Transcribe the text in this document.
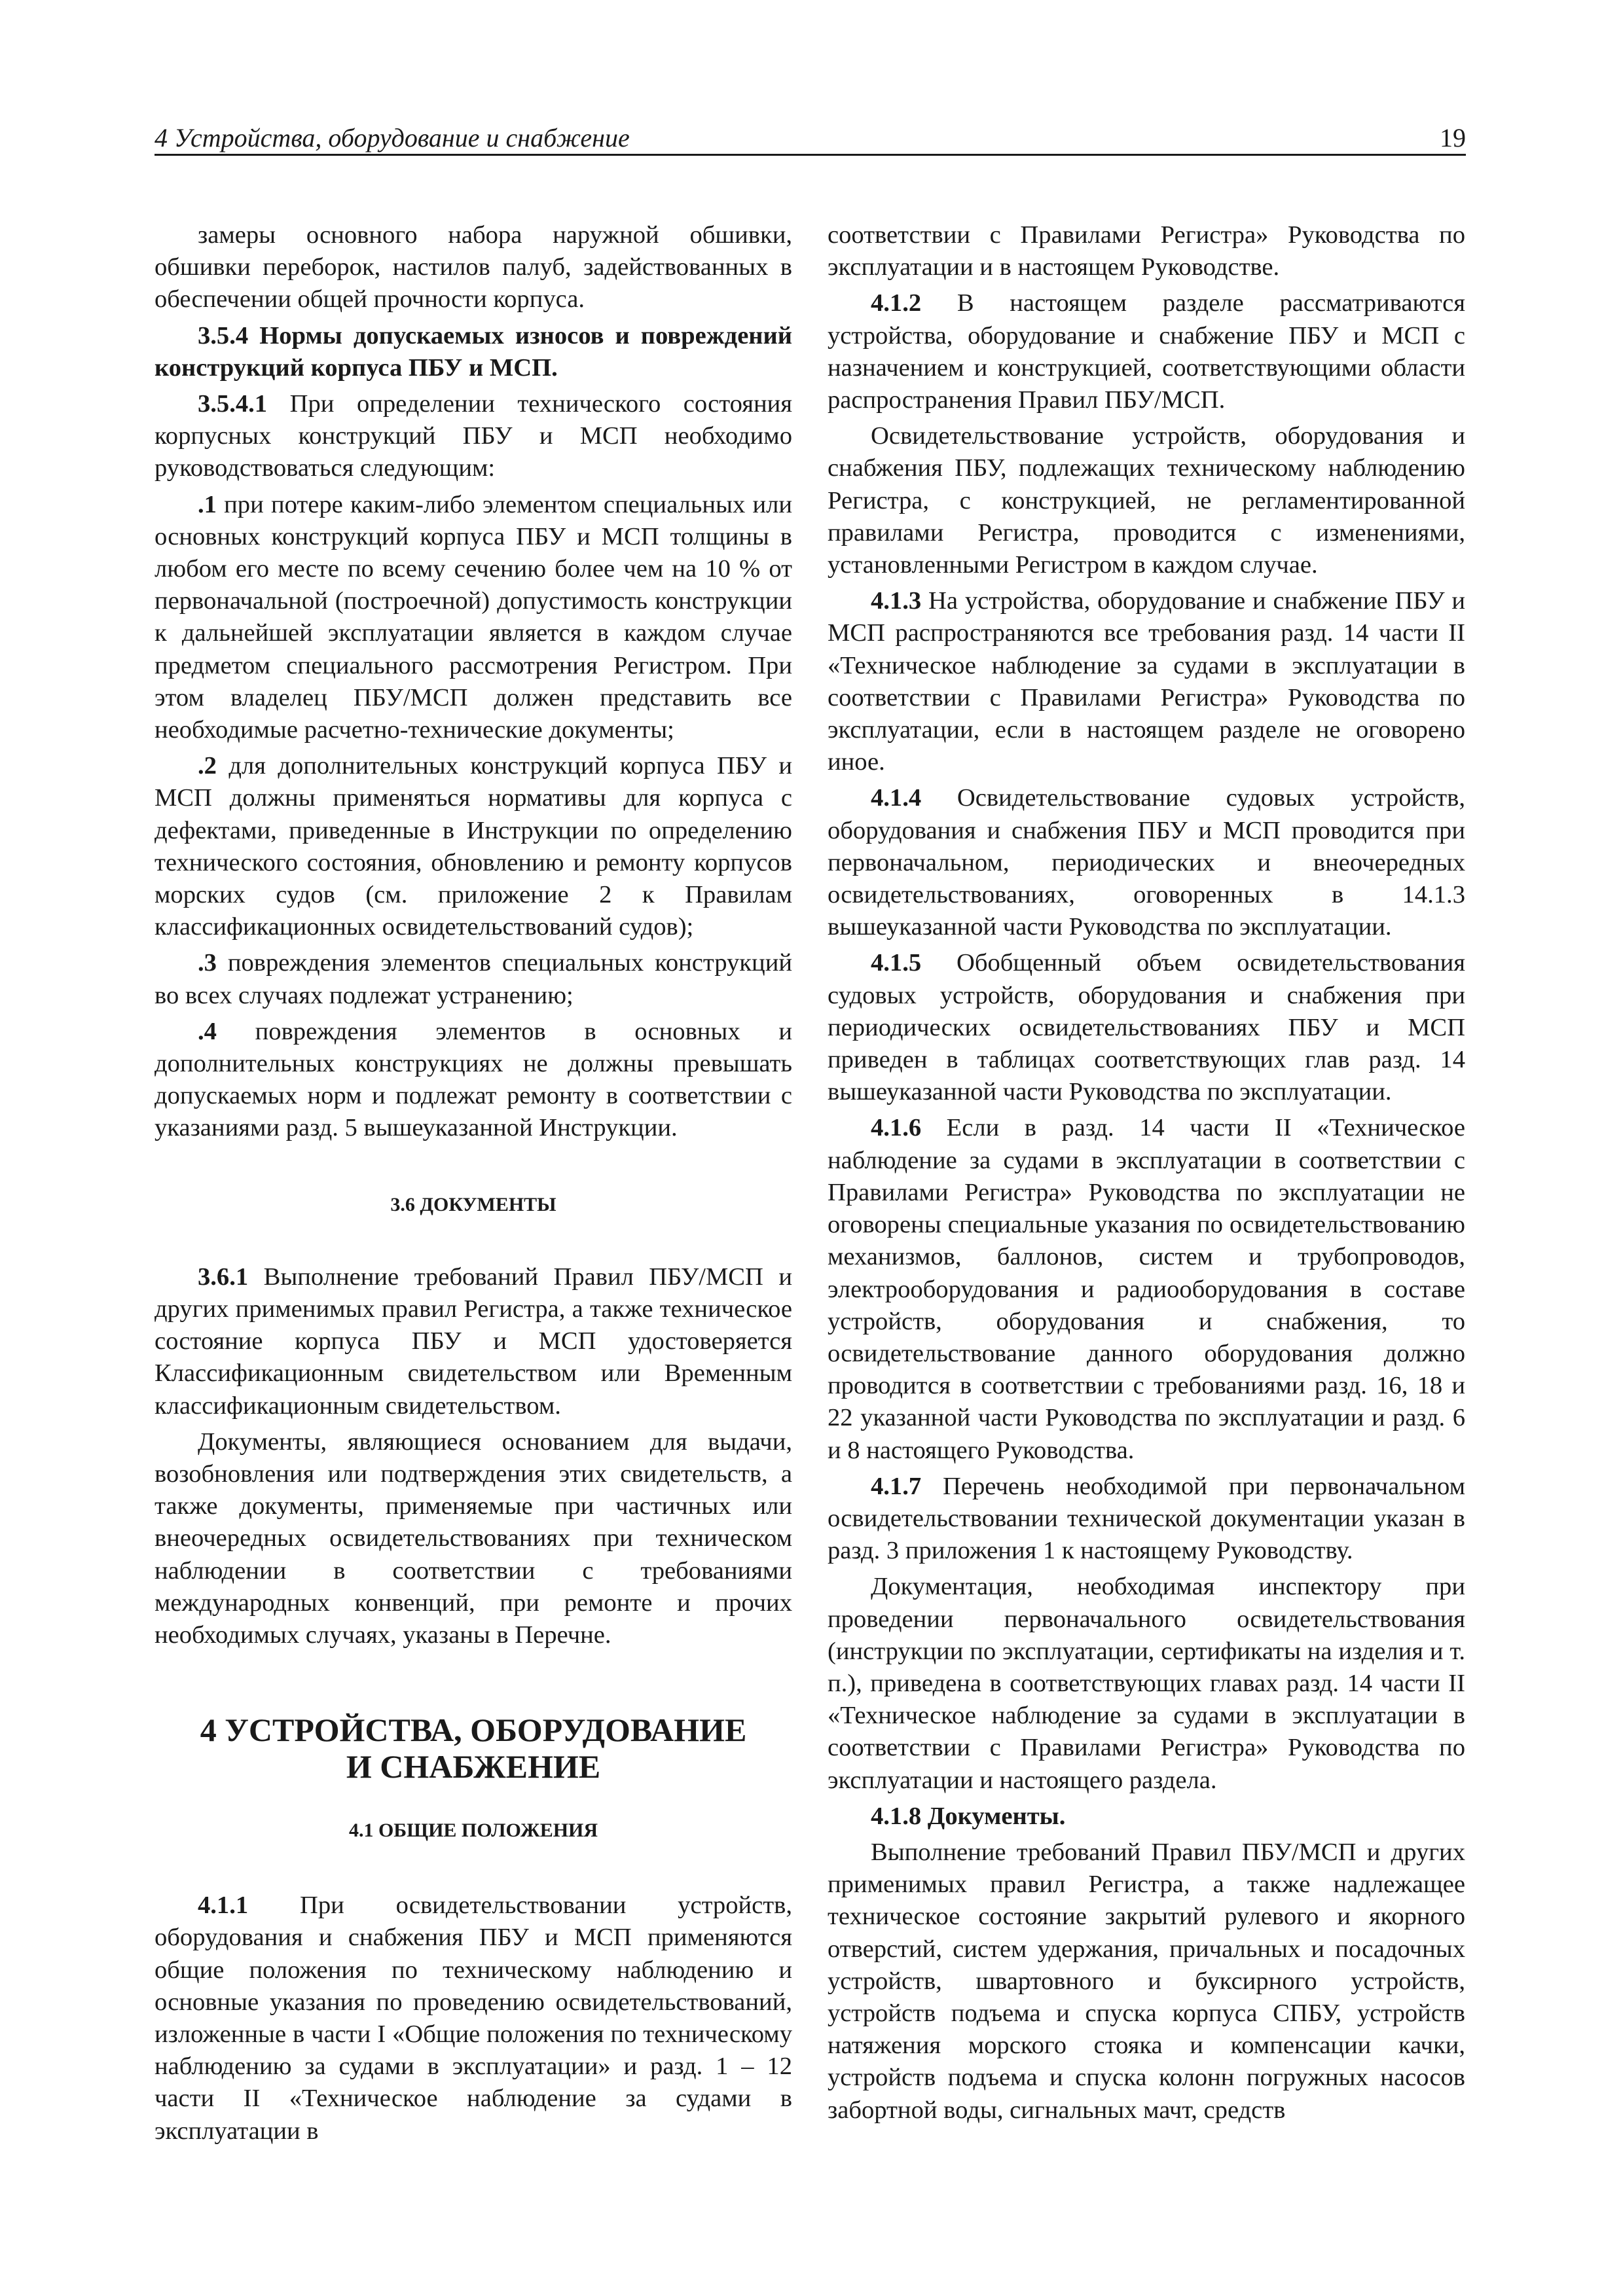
4 Устройства, оборудование и снабжение	19

замеры основного набора наружной обшивки, обшивки переборок, настилов палуб, задействованных в обеспечении общей прочности корпуса.

3.5.4 Нормы допускаемых износов и повреждений конструкций корпуса ПБУ и МСП.

3.5.4.1 При определении технического состояния корпусных конструкций ПБУ и МСП необходимо руководствоваться следующим:

.1 при потере каким-либо элементом специальных или основных конструкций корпуса ПБУ и МСП толщины в любом его месте по всему сечению более чем на 10 % от первоначальной (построечной) допустимость конструкции к дальнейшей эксплуатации является в каждом случае предметом специального рассмотрения Регистром. При этом владелец ПБУ/МСП должен представить все необходимые расчетно-технические документы;

.2 для дополнительных конструкций корпуса ПБУ и МСП должны применяться нормативы для корпуса с дефектами, приведенные в Инструкции по определению технического состояния, обновлению и ремонту корпусов морских судов (см. приложение 2 к Правилам классификационных освидетельствований судов);

.3 повреждения элементов специальных конструкций во всех случаях подлежат устранению;

.4 повреждения элементов в основных и дополнительных конструкциях не должны превышать допускаемых норм и подлежат ремонту в соответствии с указаниями разд. 5 вышеуказанной Инструкции.

3.6 ДОКУМЕНТЫ

3.6.1 Выполнение требований Правил ПБУ/МСП и других применимых правил Регистра, а также техническое состояние корпуса ПБУ и МСП удостоверяется Классификационным свидетельством или Временным классификационным свидетельством.

Документы, являющиеся основанием для выдачи, возобновления или подтверждения этих свидетельств, а также документы, применяемые при частичных или внеочередных освидетельствованиях при техническом наблюдении в соответствии с требованиями международных конвенций, при ремонте и прочих необходимых случаях, указаны в Перечне.

4 УСТРОЙСТВА, ОБОРУДОВАНИЕ
И СНАБЖЕНИЕ

4.1 ОБЩИЕ ПОЛОЖЕНИЯ

4.1.1 При освидетельствовании устройств, оборудования и снабжения ПБУ и МСП применяются общие положения по техническому наблюдению и основные указания по проведению освидетельствований, изложенные в части I «Общие положения по техническому наблюдению за судами в эксплуатации» и разд. 1 – 12 части II «Техническое наблюдение за судами в эксплуатации в

соответствии с Правилами Регистра» Руководства по эксплуатации и в настоящем Руководстве.

4.1.2 В настоящем разделе рассматриваются устройства, оборудование и снабжение ПБУ и МСП с назначением и конструкцией, соответствующими области распространения Правил ПБУ/МСП.

Освидетельствование устройств, оборудования и снабжения ПБУ, подлежащих техническому наблюдению Регистра, с конструкцией, не регламентированной правилами Регистра, проводится с изменениями, установленными Регистром в каждом случае.

4.1.3 На устройства, оборудование и снабжение ПБУ и МСП распространяются все требования разд. 14 части II «Техническое наблюдение за судами в эксплуатации в соответствии с Правилами Регистра» Руководства по эксплуатации, если в настоящем разделе не оговорено иное.

4.1.4 Освидетельствование судовых устройств, оборудования и снабжения ПБУ и МСП проводится при первоначальном, периодических и внеочередных освидетельствованиях, оговоренных в 14.1.3 вышеуказанной части Руководства по эксплуатации.

4.1.5 Обобщенный объем освидетельствования судовых устройств, оборудования и снабжения при периодических освидетельствованиях ПБУ и МСП приведен в таблицах соответствующих глав разд. 14 вышеуказанной части Руководства по эксплуатации.

4.1.6 Если в разд. 14 части II «Техническое наблюдение за судами в эксплуатации в соответствии с Правилами Регистра» Руководства по эксплуатации не оговорены специальные указания по освидетельствованию механизмов, баллонов, систем и трубопроводов, электрооборудования и радиооборудования в составе устройств, оборудования и снабжения, то освидетельствование данного оборудования должно проводится в соответствии с требованиями разд. 16, 18 и 22 указанной части Руководства по эксплуатации и разд. 6 и 8 настоящего Руководства.

4.1.7 Перечень необходимой при первоначальном освидетельствовании технической документации указан в разд. 3 приложения 1 к настоящему Руководству.

Документация, необходимая инспектору при проведении первоначального освидетельствования (инструкции по эксплуатации, сертификаты на изделия и т. п.), приведена в соответствующих главах разд. 14 части II «Техническое наблюдение за судами в эксплуатации в соответствии с Правилами Регистра» Руководства по эксплуатации и настоящего раздела.

4.1.8 Документы.

Выполнение требований Правил ПБУ/МСП и других применимых правил Регистра, а также надлежащее техническое состояние закрытий рулевого и якорного отверстий, систем удержания, причальных и посадочных устройств, швартовного и буксирного устройств, устройств подъема и спуска корпуса СПБУ, устройств натяжения морского стояка и компенсации качки, устройств подъема и спуска колонн погружных насосов забортной воды, сигнальных мачт, средств
